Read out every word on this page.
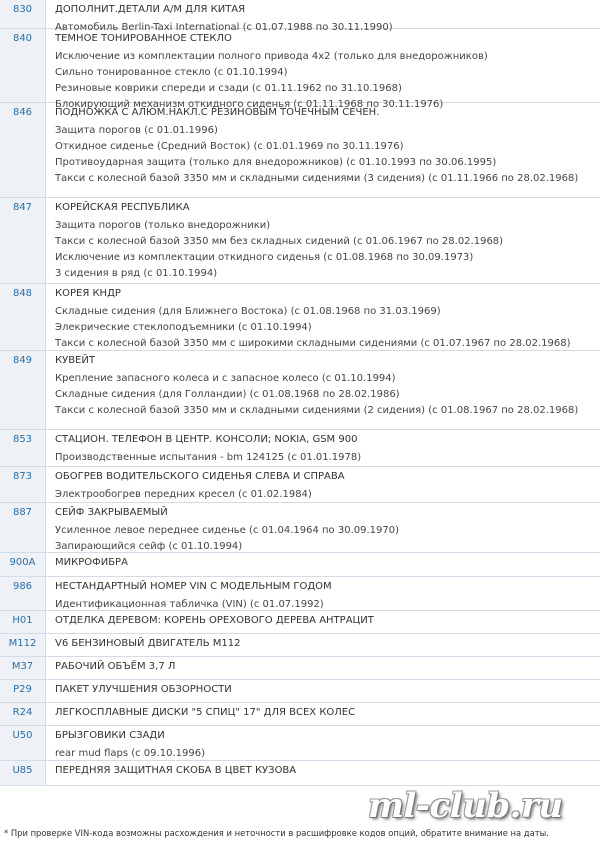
830	ДОПОЛНИТ.ДЕТАЛИ А/М ДЛЯ КИТАЯ
Автомобиль Berlin-Taxi International (с 01.07.1988 по 30.11.1990)
840	ТЕМНОЕ ТОНИРОВАННОЕ СТЕКЛО
Исключение из комплектации полного привода 4x2 (только для внедорожников)
Сильно тонированное стекло (с 01.10.1994)
Резиновые коврики спереди и сзади (с 01.11.1962 по 31.10.1968)
Блокирующий механизм откидного сиденья (с 01.11.1968 по 30.11.1976)
846	ПОДНОЖКА С АЛЮМ.НАКЛ.С РЕЗИНОВЫМ ТОЧЕЧНЫМ СЕЧЕН.
Защита порогов (с 01.01.1996)
Откидное сиденье (Средний Восток) (с 01.01.1969 по 30.11.1976)
Противоударная защита (только для внедорожников) (с 01.10.1993 по 30.06.1995)
Такси с колесной базой 3350 мм и складными сидениями (3 сидения) (с 01.11.1966 по 28.02.1968)
847	КОРЕЙСКАЯ РЕСПУБЛИКА
Защита порогов (только внедорожники)
Такси с колесной базой 3350 мм без складных сидений (с 01.06.1967 по 28.02.1968)
Исключение из комплектации откидного сиденья (с 01.08.1968 по 30.09.1973)
3 сидения в ряд (с 01.10.1994)
848	КОРЕЯ КНДР
Складные сидения (для Ближнего Востока) (с 01.08.1968 по 31.03.1969)
Элекрические стеклоподъемники (с 01.10.1994)
Такси с колесной базой 3350 мм с широкими складными сидениями (с 01.07.1967 по 28.02.1968)
849	КУВЕЙТ
Крепление запасного колеса и с запасное колесо (с 01.10.1994)
Складные сидения (для Голландии) (с 01.08.1968 по 28.02.1986)
Такси с колесной базой 3350 мм и складными сидениями (2 сидения) (с 01.08.1967 по 28.02.1968)
853	СТАЦИОН. ТЕЛЕФОН В ЦЕНТР. КОНСОЛИ; NOKIA, GSM 900
Производственные испытания - bm 124125 (с 01.01.1978)
873	ОБОГРЕВ ВОДИТЕЛЬСКОГО СИДЕНЬЯ СЛЕВА И СПРАВА
Электрообогрев передних кресел (с 01.02.1984)
887	СЕЙФ ЗАКРЫВАЕМЫЙ
Усиленное левое переднее сиденье (с 01.04.1964 по 30.09.1970)
Запирающийся сейф (с 01.10.1994)
900A	МИКРОФИБРА
986	НЕСТАНДАРТНЫЙ НОМЕР VIN С МОДЕЛЬНЫМ ГОДОМ
Идентификационная табличка (VIN) (с 01.07.1992)
H01	ОТДЕЛКА ДЕРЕВОМ: КОРЕНЬ ОРЕХОВОГО ДЕРЕВА АНТРАЦИТ
M112	V6 БЕНЗИНОВЫЙ ДВИГАТЕЛЬ M112
M37	РАБОЧИЙ ОБЪЁМ 3,7 Л
P29	ПАКЕТ УЛУЧШЕНИЯ ОБЗОРНОСТИ
R24	ЛЕГКОСПЛАВНЫЕ ДИСКИ "5 СПИЦ" 17" ДЛЯ ВСЕХ КОЛЕС
U50	БРЫЗГОВИКИ СЗАДИ
rear mud flaps (с 09.10.1996)
U85	ПЕРЕДНЯЯ ЗАЩИТНАЯ СКОБА В ЦВЕТ КУЗОВА
ml-club.ru
* При проверке VIN-кода возможны расхождения и неточности в расшифровке кодов опций, обратите внимание на даты.
